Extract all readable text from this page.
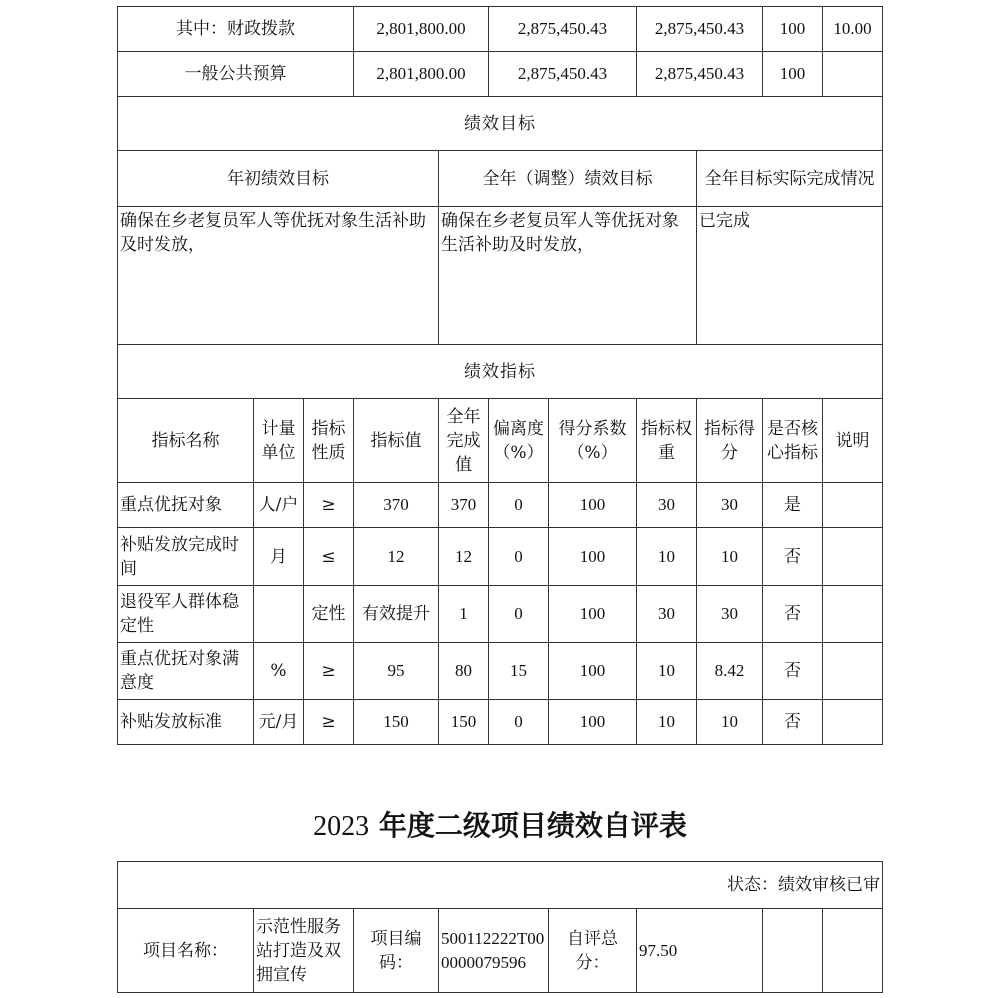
其中：财政拨款			2,801,800.00		2,875,450.43		2,875,450.43		100	10.00	
一般公共预算			2,801,800.00		2,875,450.43		2,875,450.43		100		
绩效目标											
年初绩效目标				全年（调整）绩效目标				全年目标实际完成情况			
确保在乡老复员军人等优抚对象生活补助及时发放，				确保在乡老复员军人等优抚对象生活补助及时发放，				已完成			
绩效指标											
指标名称	计量单位	指标性质	指标值	全年完成值	偏离度（%）	得分系数（%）	指标权重	指标得分	是否核心指标	说明	
重点优抚对象	人/户	≥	370	370	0	100	30	30	是		
补贴发放完成时间	月	≤	12	12	0	100	10	10	否		
退役军人群体稳定性		定性	有效提升	1	0	100	30	30	否		
重点优抚对象满意度	%	≥	95	80	15	100	10	8.42	否		
补贴发放标准	元/月	≥	150	150	0	100	10	10	否		
2023 年度二级项目绩效自评表
状态：绩效审核已审
项目名称：	示范性服务站打造及双拥宣传	项目编码：	500112222T000000079596	自评总分：	97.50		
